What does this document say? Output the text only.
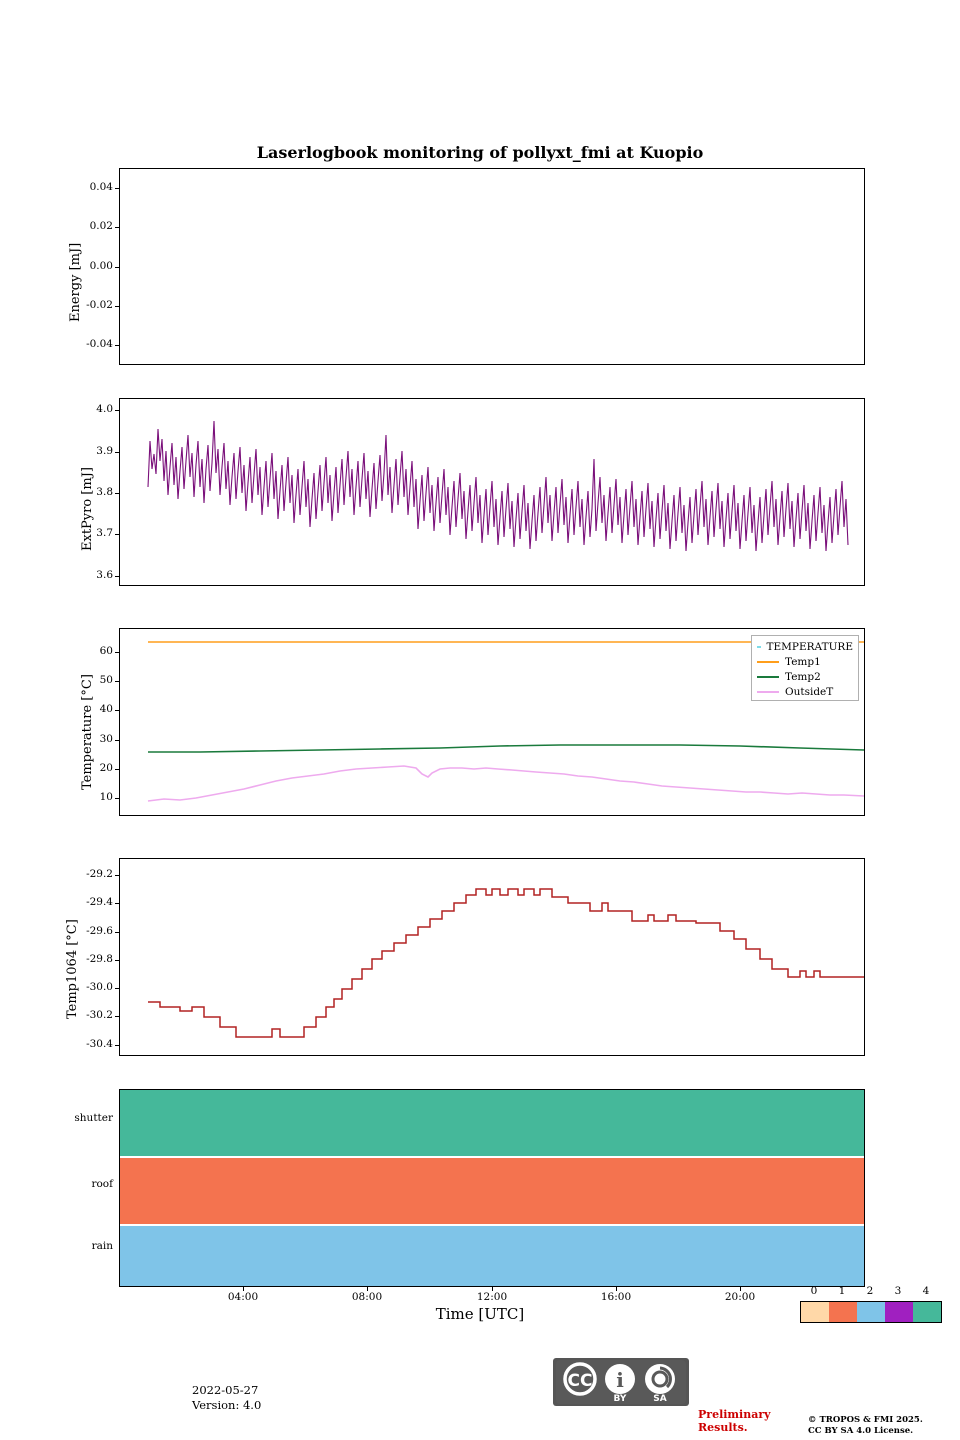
Laserlogbook monitoring of pollyxt_fmi at Kuopio
Energy [mJ]
-0.04
-0.02
0.00
0.02
0.04
ExtPyro [mJ]
3.6
3.7
3.8
3.9
4.0
Temperature [°C]
10
20
30
40
50
60	TEMPERATURE
Temp1
Temp2
OutsideT
Temp1064 [°C]
-30.4
-30.2
-30.0
-29.8
-29.6
-29.4
-29.2
shutter
roof
rain
04:00	08:00	12:00	16:00	20:00
Time [UTC]
0	1	2	3	4
2022-05-27
Version: 4.0
CC i
BY	SA
Preliminary
Results.
© TROPOS & FMI 2025.
CC BY SA 4.0 License.
